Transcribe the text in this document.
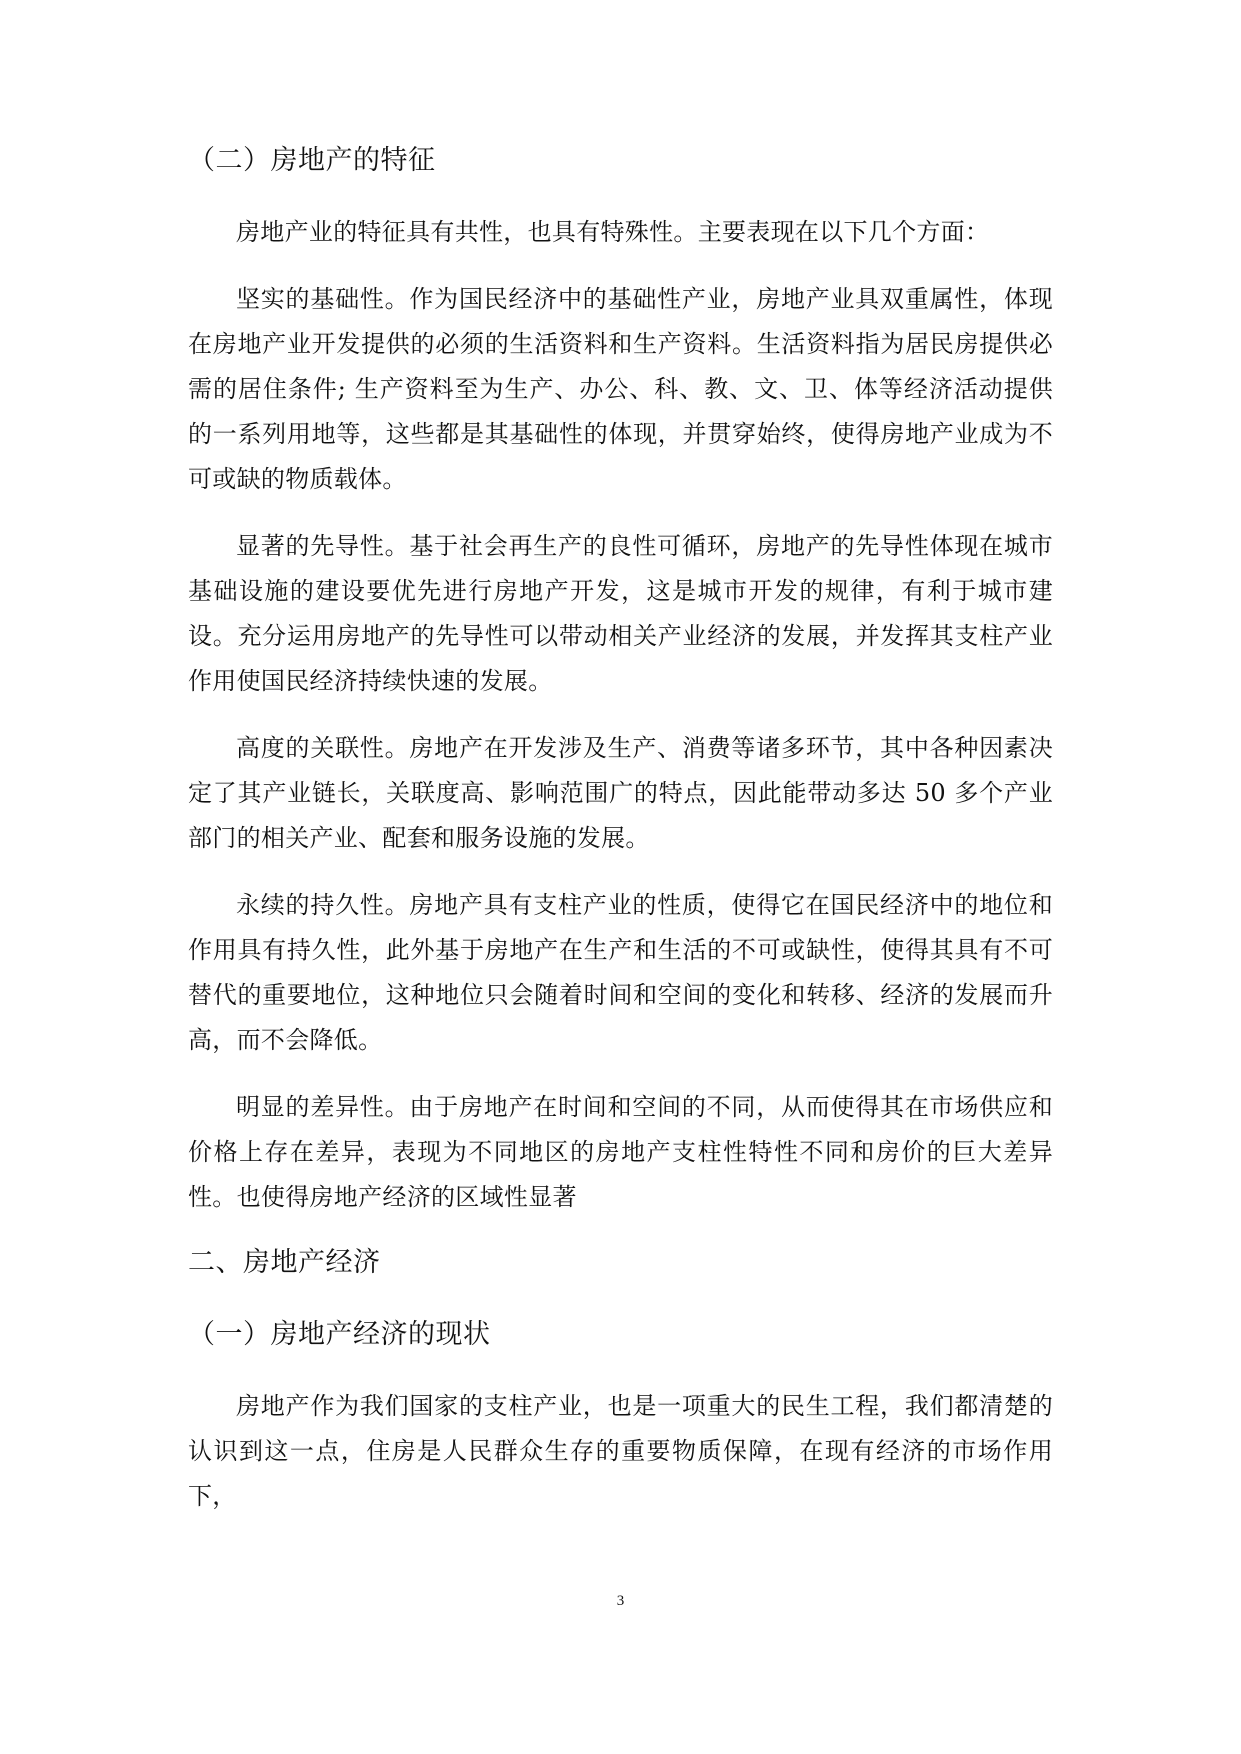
（二）房地产的特征

房地产业的特征具有共性，也具有特殊性。主要表现在以下几个方面：

坚实的基础性。作为国民经济中的基础性产业，房地产业具双重属性，体现在房地产业开发提供的必须的生活资料和生产资料。生活资料指为居民房提供必需的居住条件; 生产资料至为生产、办公、科、教、文、卫、体等经济活动提供的一系列用地等，这些都是其基础性的体现，并贯穿始终，使得房地产业成为不可或缺的物质载体。

显著的先导性。基于社会再生产的良性可循环，房地产的先导性体现在城市基础设施的建设要优先进行房地产开发，这是城市开发的规律，有利于城市建设。充分运用房地产的先导性可以带动相关产业经济的发展，并发挥其支柱产业作用使国民经济持续快速的发展。

高度的关联性。房地产在开发涉及生产、消费等诸多环节，其中各种因素决定了其产业链长，关联度高、影响范围广的特点，因此能带动多达 50 多个产业部门的相关产业、配套和服务设施的发展。

永续的持久性。房地产具有支柱产业的性质，使得它在国民经济中的地位和作用具有持久性，此外基于房地产在生产和生活的不可或缺性，使得其具有不可替代的重要地位，这种地位只会随着时间和空间的变化和转移、经济的发展而升高，而不会降低。

明显的差异性。由于房地产在时间和空间的不同，从而使得其在市场供应和价格上存在差异，表现为不同地区的房地产支柱性特性不同和房价的巨大差异性。也使得房地产经济的区域性显著

二、房地产经济
（一）房地产经济的现状

房地产作为我们国家的支柱产业，也是一项重大的民生工程，我们都清楚的认识到这一点，住房是人民群众生存的重要物质保障，在现有经济的市场作用下，

3
